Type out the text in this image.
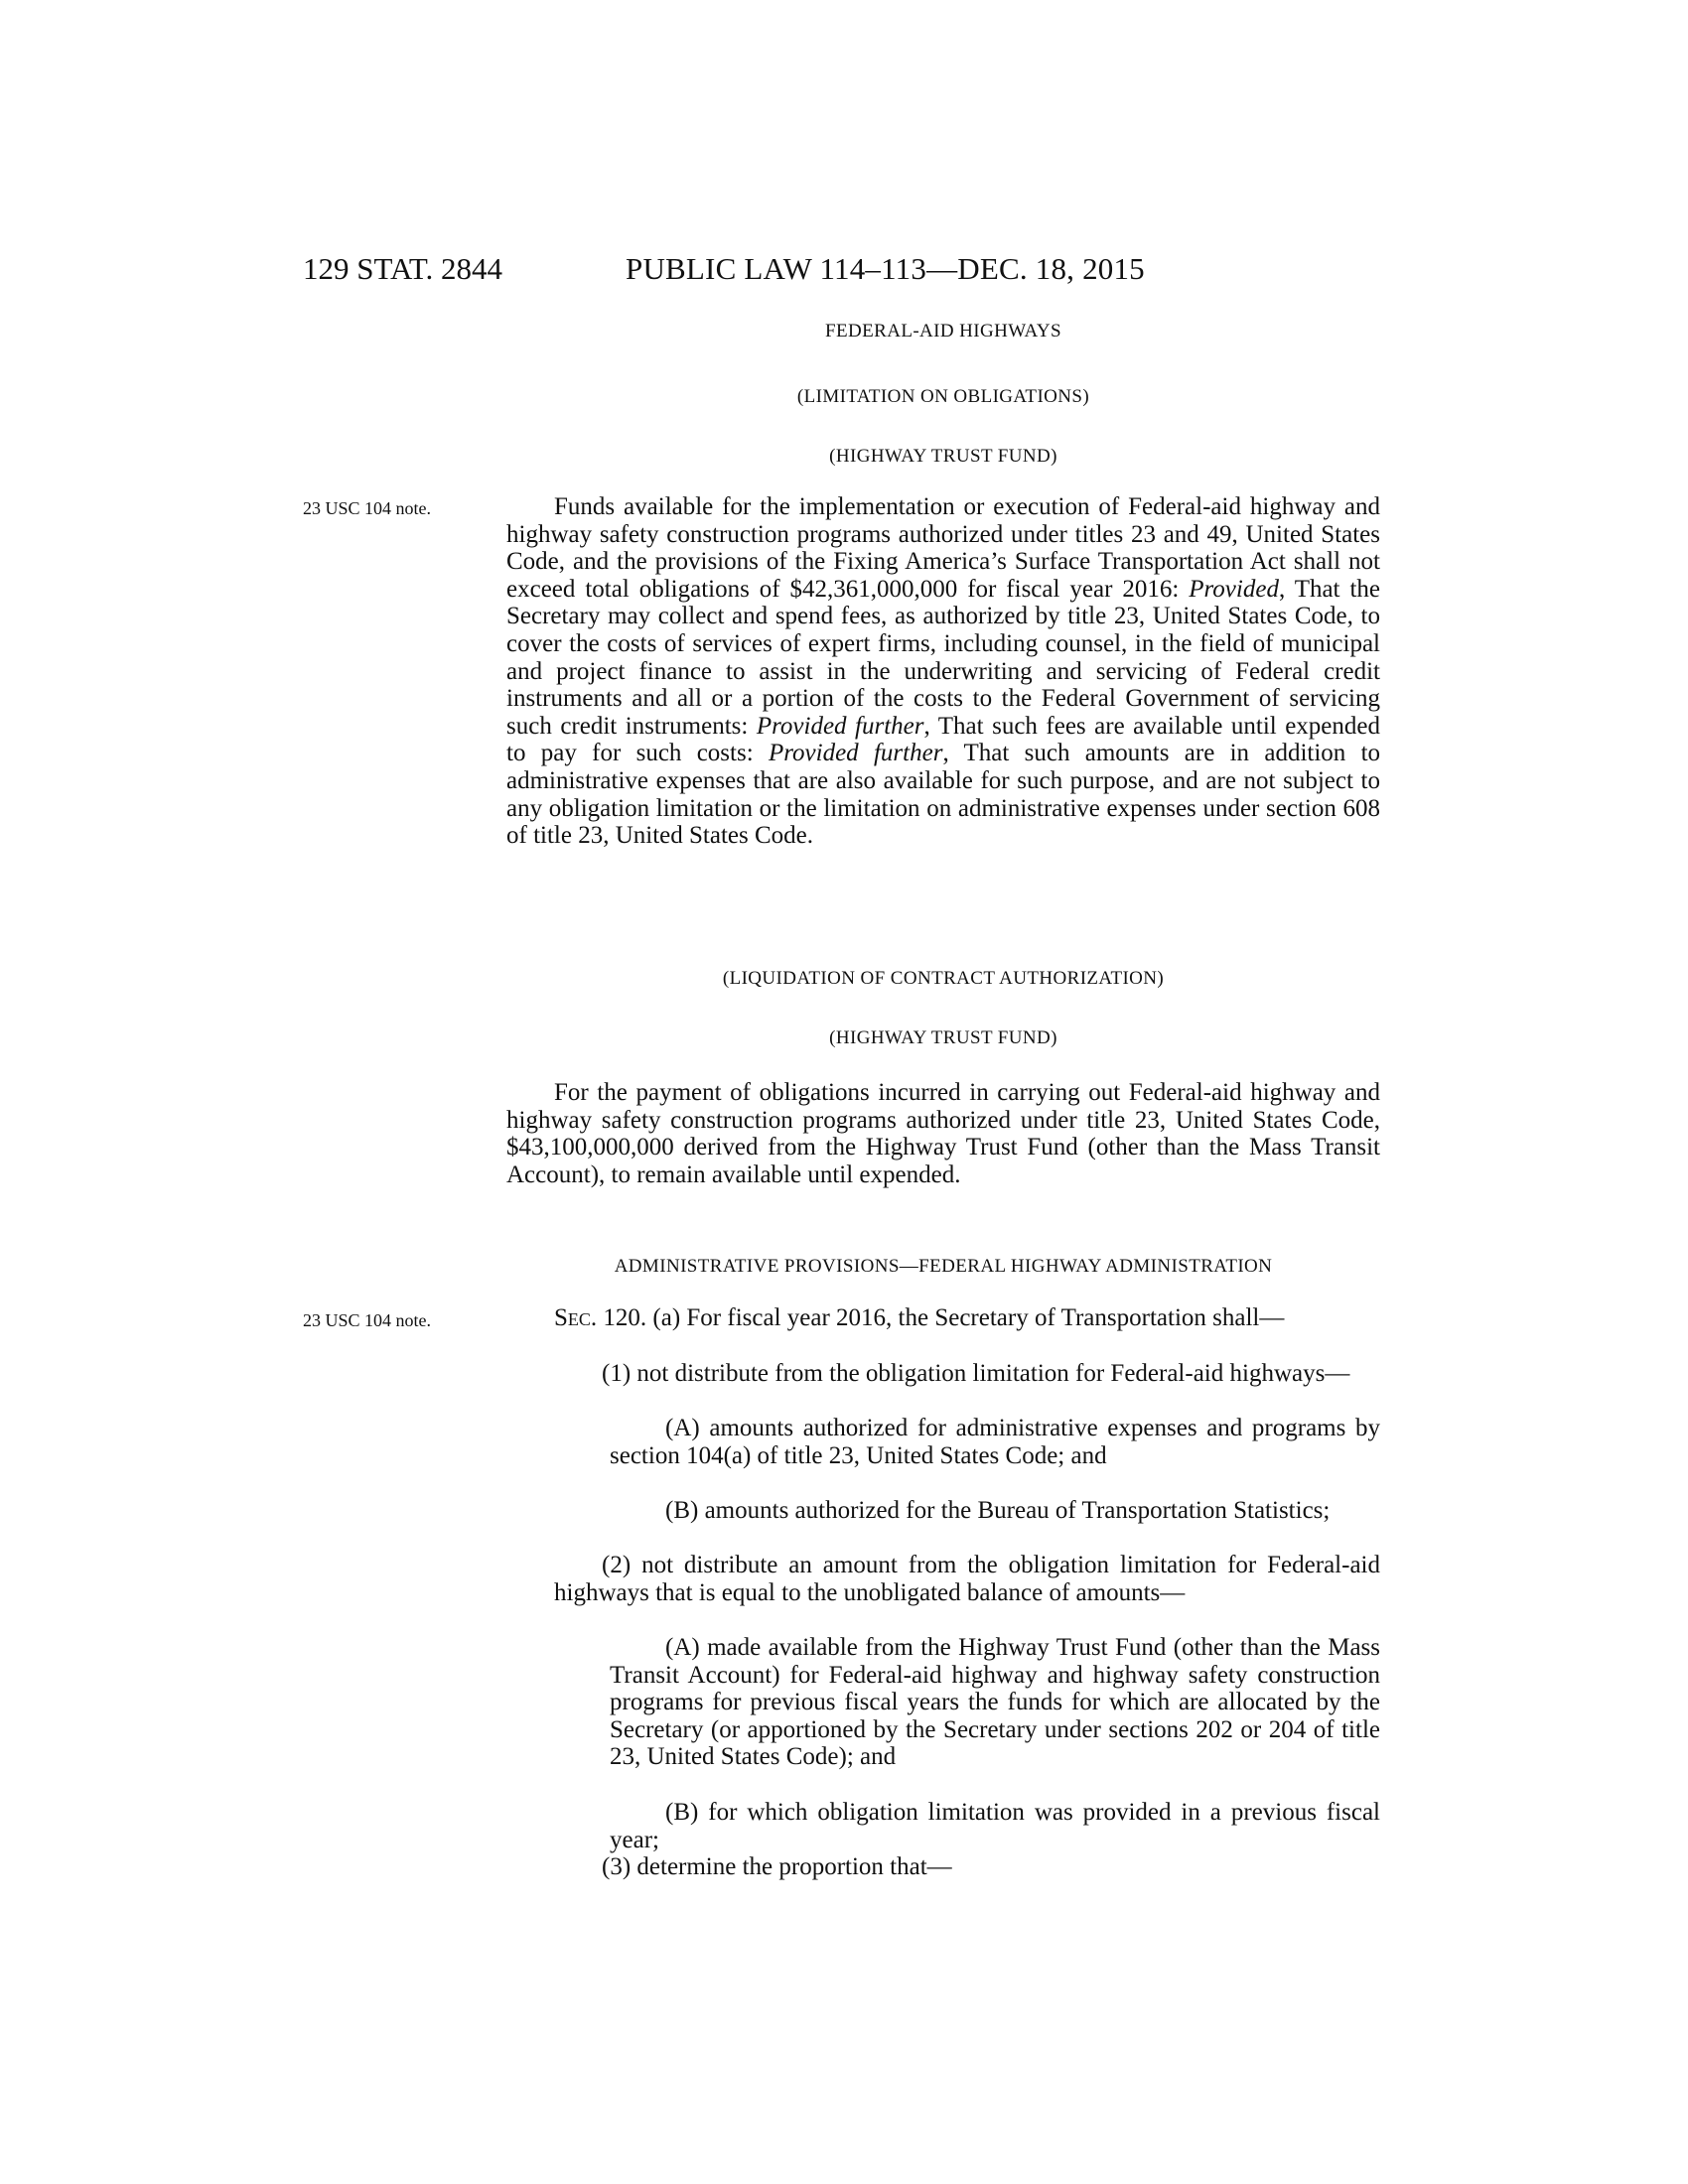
129 STAT. 2844	PUBLIC LAW 114–113—DEC. 18, 2015
FEDERAL-AID HIGHWAYS
(LIMITATION ON OBLIGATIONS)
(HIGHWAY TRUST FUND)
23 USC 104 note.	Funds available for the implementation or execution of Federal-aid highway and highway safety construction programs authorized under titles 23 and 49, United States Code, and the provisions of the Fixing America’s Surface Transportation Act shall not exceed total obligations of $42,361,000,000 for fiscal year 2016: Provided, That the Secretary may collect and spend fees, as authorized by title 23, United States Code, to cover the costs of services of expert firms, including counsel, in the field of municipal and project finance to assist in the underwriting and servicing of Federal credit instruments and all or a portion of the costs to the Federal Government of servicing such credit instruments: Provided further, That such fees are available until expended to pay for such costs: Provided further, That such amounts are in addition to administrative expenses that are also available for such purpose, and are not subject to any obligation limitation or the limitation on administrative expenses under section 608 of title 23, United States Code.
(LIQUIDATION OF CONTRACT AUTHORIZATION)
(HIGHWAY TRUST FUND)
For the payment of obligations incurred in carrying out Federal-aid highway and highway safety construction programs authorized under title 23, United States Code, $43,100,000,000 derived from the Highway Trust Fund (other than the Mass Transit Account), to remain available until expended.
ADMINISTRATIVE PROVISIONS—FEDERAL HIGHWAY ADMINISTRATION
23 USC 104 note.	Sec. 120. (a) For fiscal year 2016, the Secretary of Transportation shall—
(1) not distribute from the obligation limitation for Federal-aid highways—
(A) amounts authorized for administrative expenses and programs by section 104(a) of title 23, United States Code; and
(B) amounts authorized for the Bureau of Transportation Statistics;
(2) not distribute an amount from the obligation limitation for Federal-aid highways that is equal to the unobligated balance of amounts—
(A) made available from the Highway Trust Fund (other than the Mass Transit Account) for Federal-aid highway and highway safety construction programs for previous fiscal years the funds for which are allocated by the Secretary (or apportioned by the Secretary under sections 202 or 204 of title 23, United States Code); and
(B) for which obligation limitation was provided in a previous fiscal year;
(3) determine the proportion that—
